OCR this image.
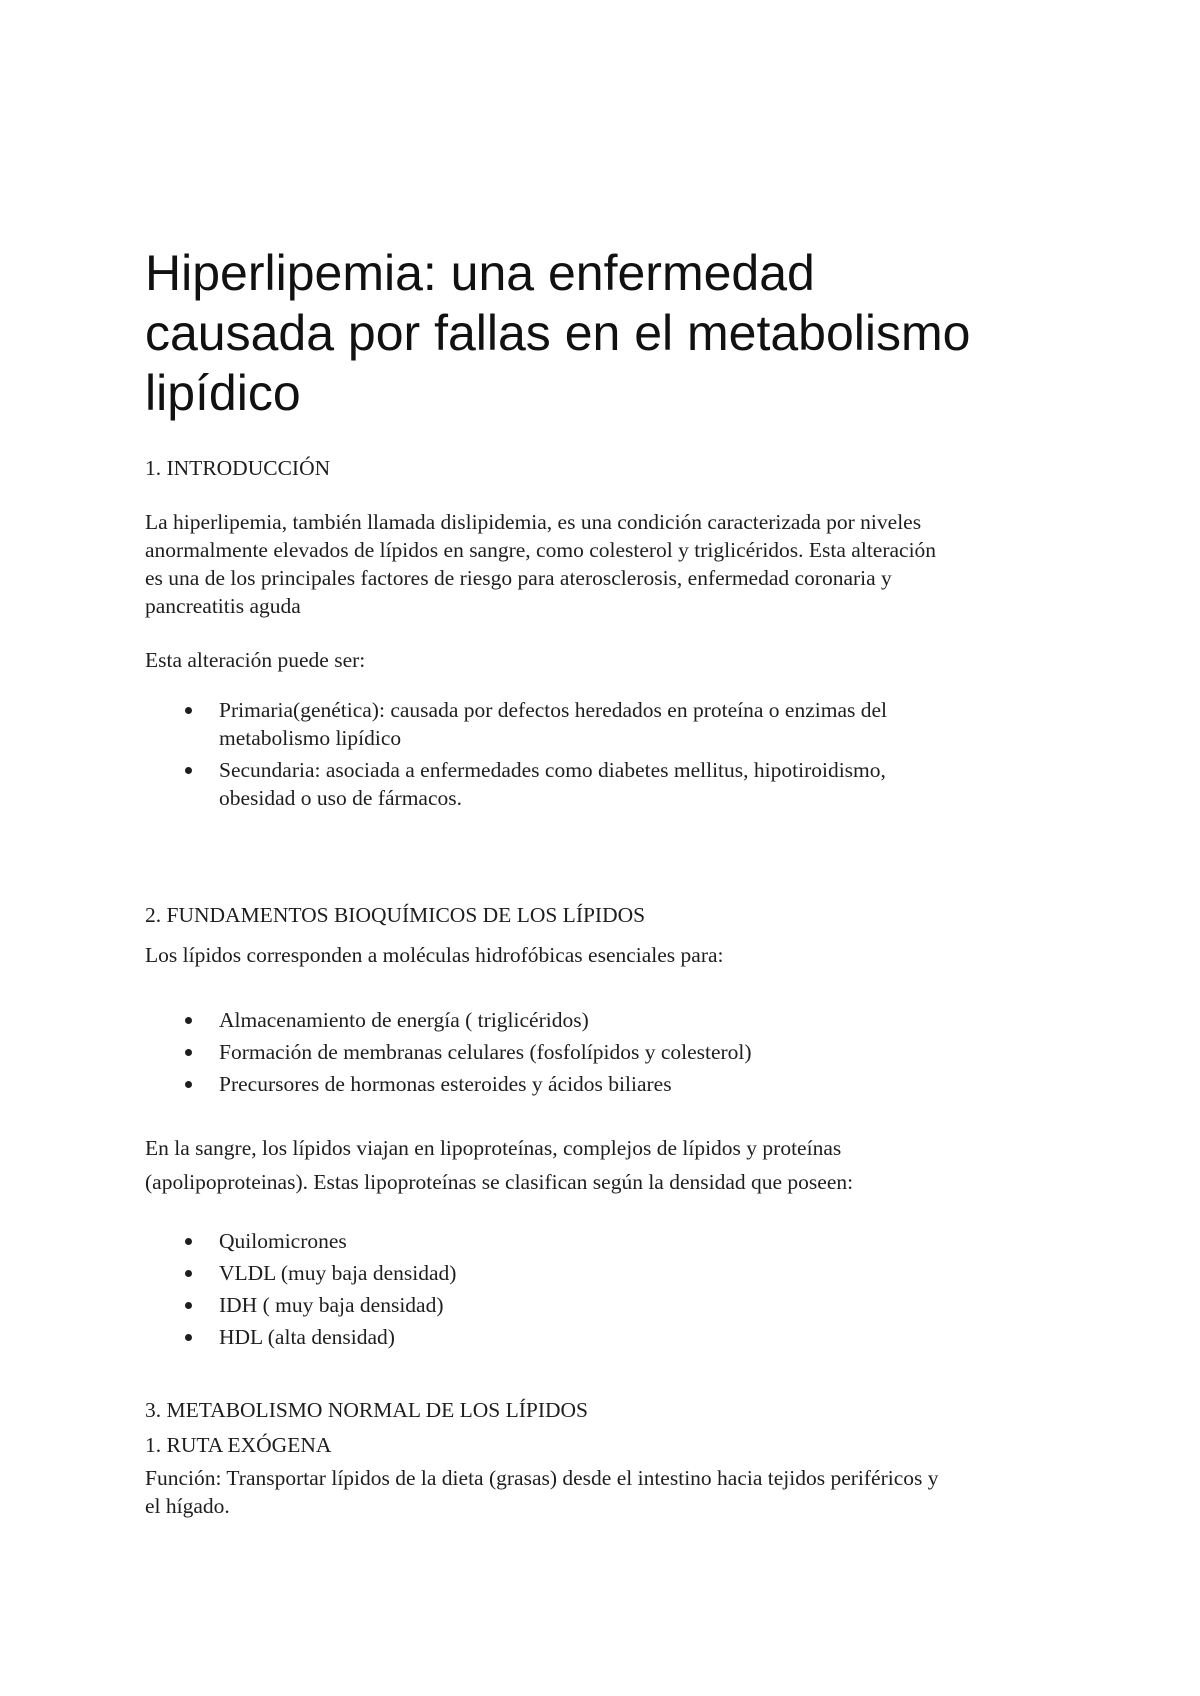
Hiperlipemia: una enfermedad
causada por fallas en el metabolismo
lipídico

1. INTRODUCCIÓN

La hiperlipemia, también llamada dislipidemia, es una condición caracterizada por niveles
anormalmente elevados de lípidos en sangre, como colesterol y triglicéridos. Esta alteración
es una de los principales factores de riesgo para aterosclerosis, enfermedad coronaria y
pancreatitis aguda

Esta alteración puede ser:

Primaria(genética): causada por defectos heredados en proteína o enzimas del
metabolismo lipídico
Secundaria: asociada a enfermedades como diabetes mellitus, hipotiroidismo,
obesidad o uso de fármacos.

2. FUNDAMENTOS BIOQUÍMICOS DE LOS LÍPIDOS

Los lípidos corresponden a moléculas hidrofóbicas esenciales para:

Almacenamiento de energía ( triglicéridos)
Formación de membranas celulares (fosfolípidos y colesterol)
Precursores de hormonas esteroides y ácidos biliares
En la sangre, los lípidos viajan en lipoproteínas, complejos de lípidos y proteínas
(apolipoproteinas). Estas lipoproteínas se clasifican según la densidad que poseen:
Quilomicrones
VLDL (muy baja densidad)
IDH ( muy baja densidad)
HDL (alta densidad)

3. METABOLISMO NORMAL DE LOS LÍPIDOS

1. RUTA EXÓGENA

Función: Transportar lípidos de la dieta (grasas) desde el intestino hacia tejidos periféricos y
el hígado.
